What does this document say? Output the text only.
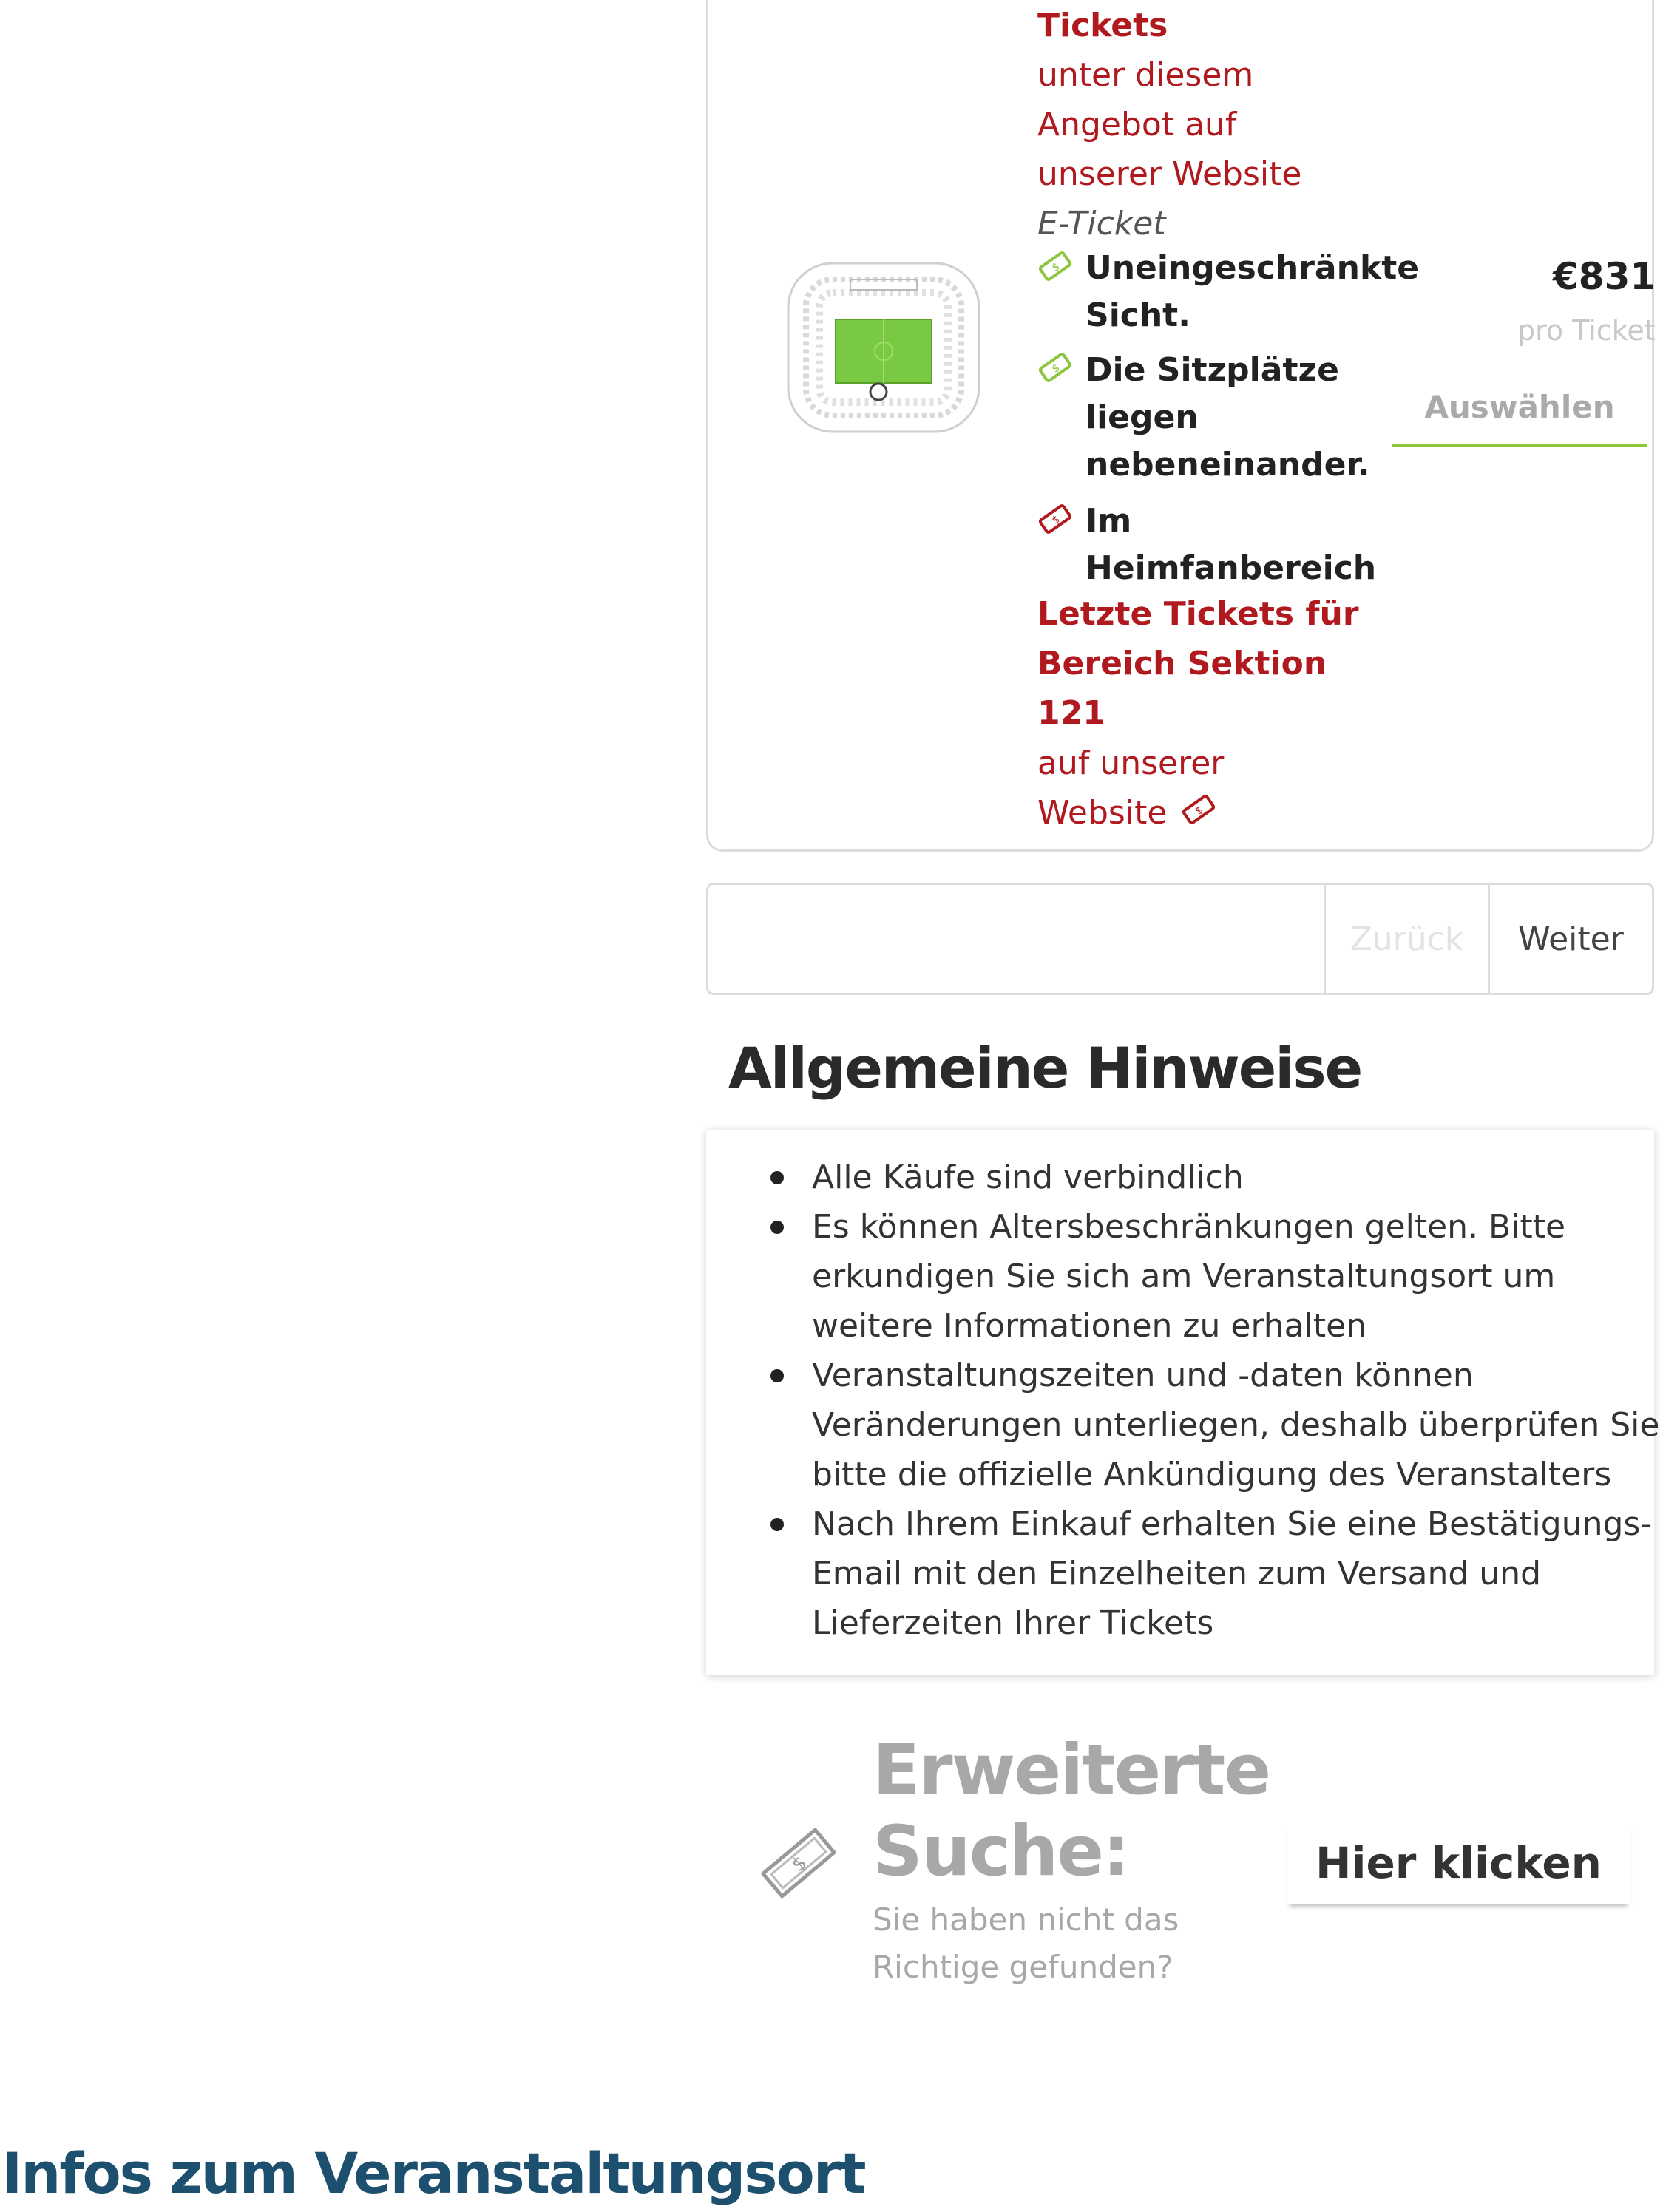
Tickets
unter diesem
Angebot auf
unserer Website
E-Ticket
$ Uneingeschränkte
Sicht.
$ Die Sitzplätze
liegen
nebeneinander.
$ Im
Heimfanbereich
Letzte Tickets für
Bereich Sektion
121
auf unserer
Website	$
€831
pro Ticket
Auswählen
Zurück	Weiter
Allgemeine Hinweise
Alle Käufe sind verbindlich
Es können Altersbeschränkungen gelten. Bitte
erkundigen Sie sich am Veranstaltungsort um
weitere Informationen zu erhalten
Veranstaltungszeiten und -daten können
Veränderungen unterliegen, deshalb überprüfen Sie
bitte die offizielle Ankündigung des Veranstalters
Nach Ihrem Einkauf erhalten Sie eine Bestätigungs-
Email mit den Einzelheiten zum Versand und
Lieferzeiten Ihrer Tickets
$
Erweiterte
Suche:
Sie haben nicht das
Richtige gefunden?
Hier klicken
Infos zum Veranstaltungsort
